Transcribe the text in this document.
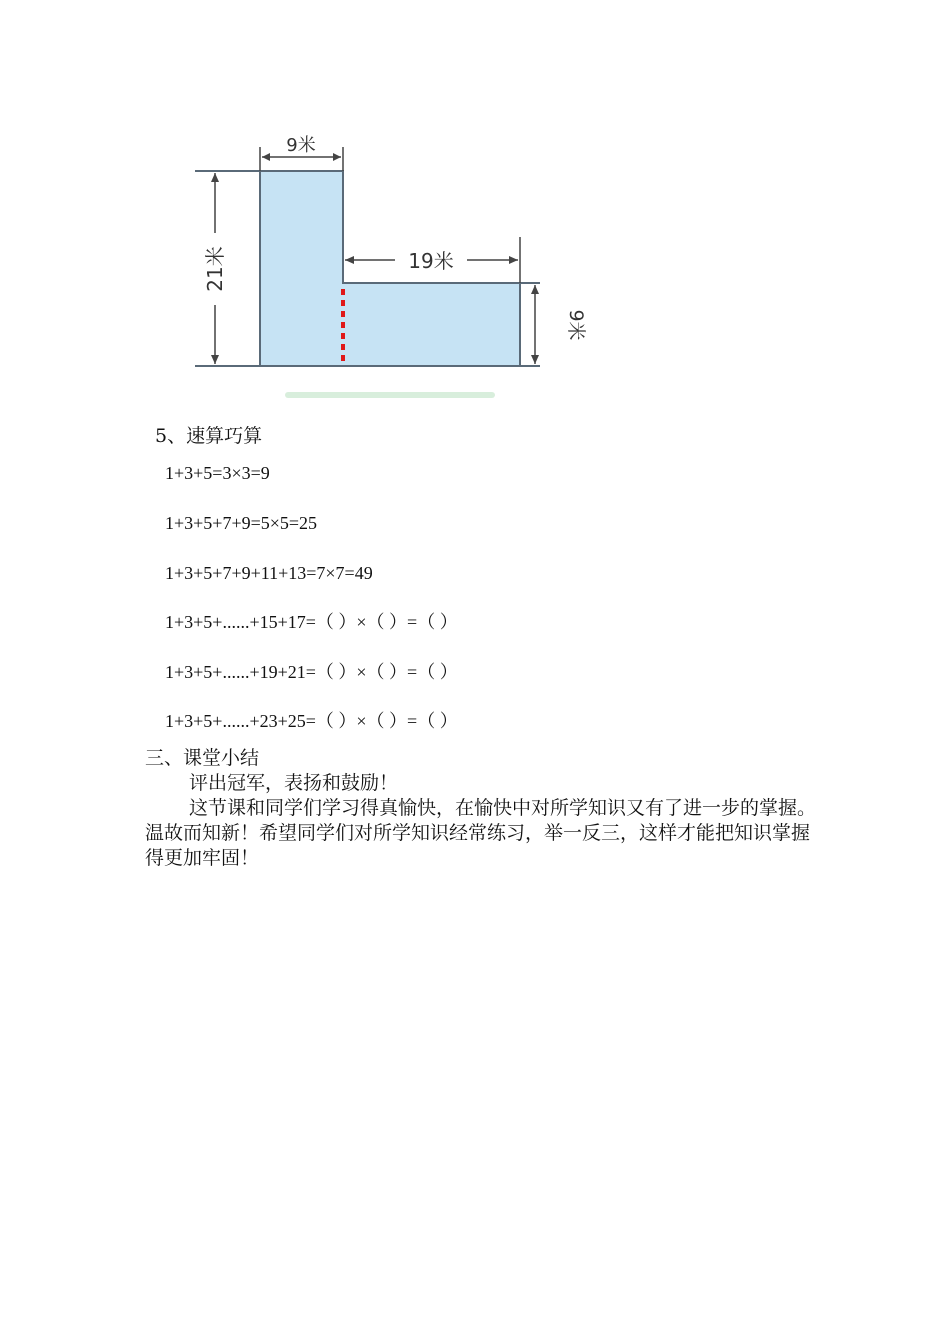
9米
21米	19米
9米
5、速算巧算
1+3+5=3×3=9
1+3+5+7+9=5×5=25
1+3+5+7+9+11+13=7×7=49
1+3+5+......+15+17=（ ）×（ ）=（ ）
1+3+5+......+19+21=（ ）×（ ）=（ ）
1+3+5+......+23+25=（ ）×（ ）=（ ）

三、课堂小结

评出冠军，表扬和鼓励！

这节课和同学们学习得真愉快，在愉快中对所学知识又有了进一步的掌握。温故而知新！希望同学们对所学知识经常练习，举一反三，这样才能把知识掌握得更加牢固！
